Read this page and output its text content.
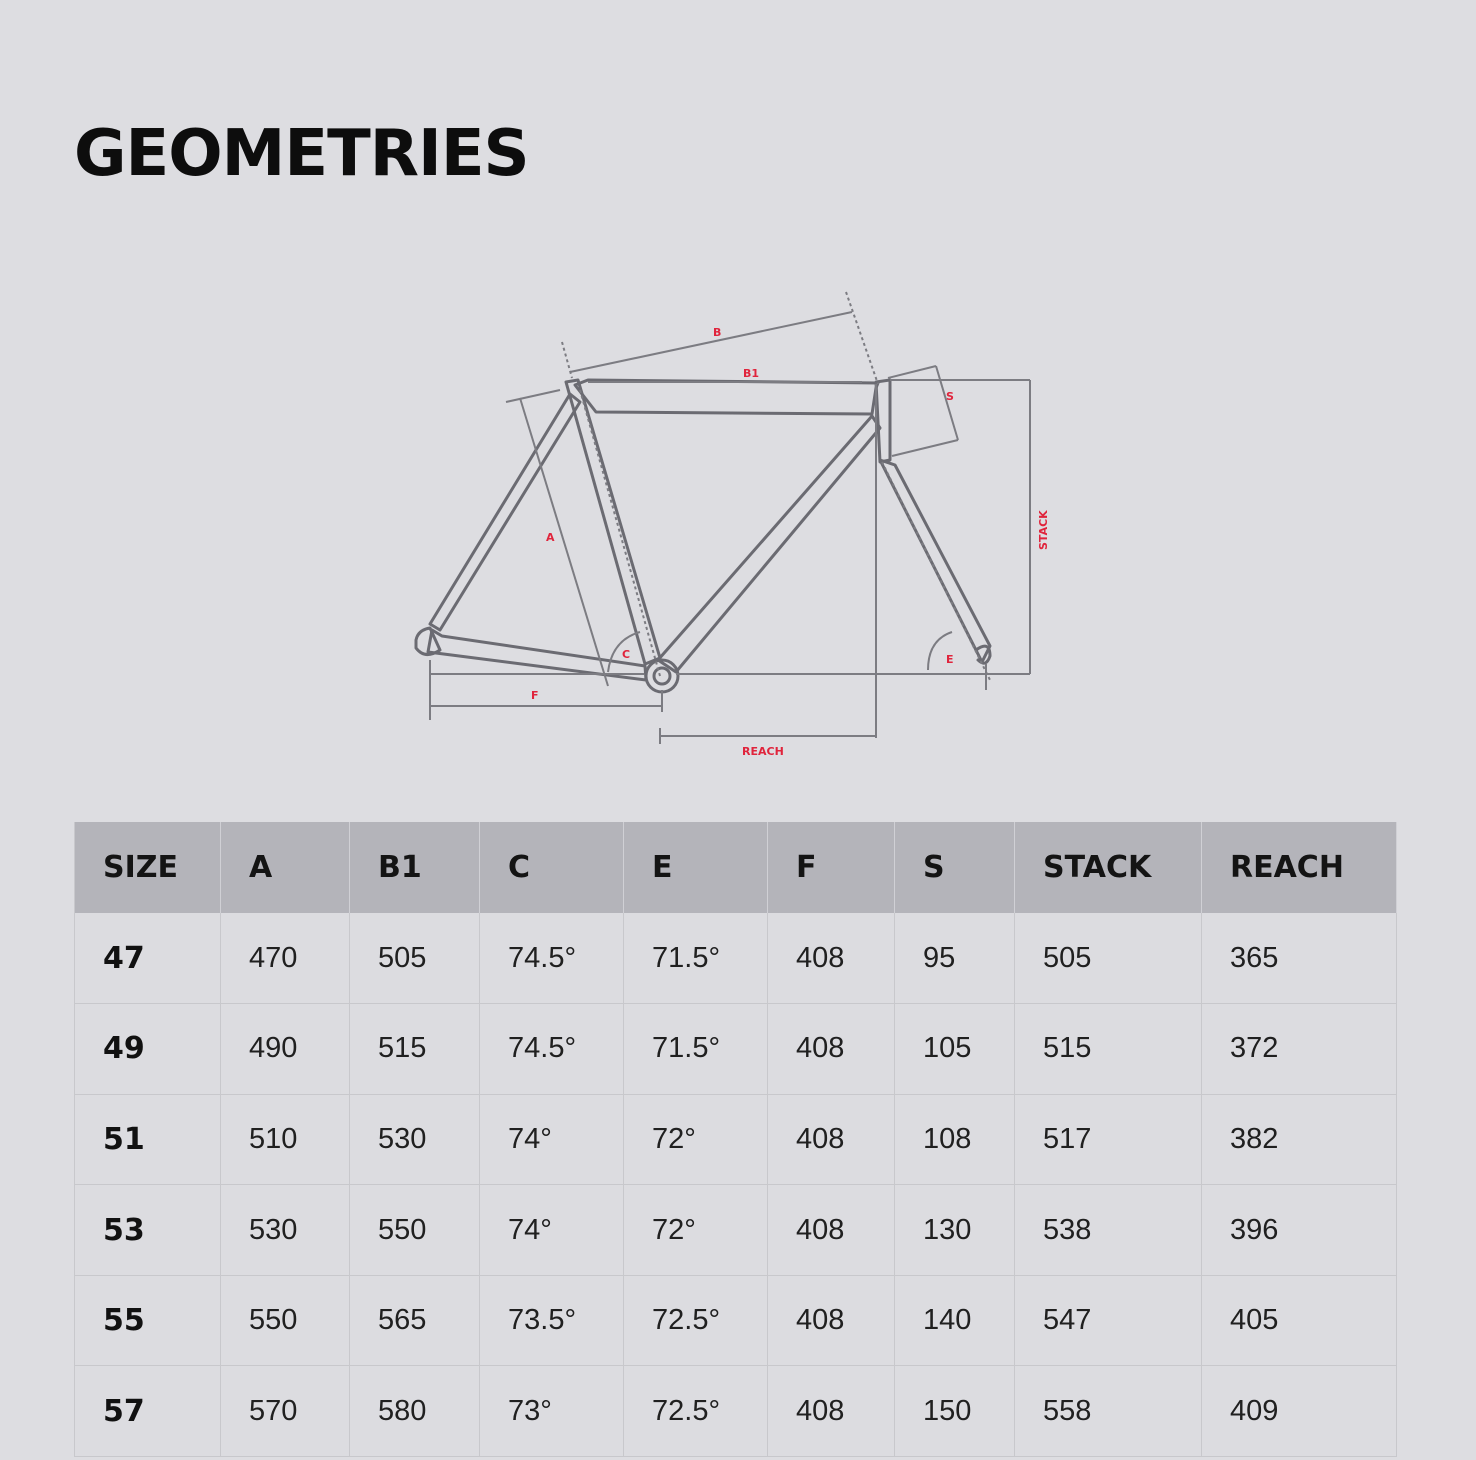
GEOMETRIES
B
B1
S
A	STACK
C	E
F
REACH
SIZE	A	B1	C	E	F	S	STACK	REACH
47	470	505	74.5°	71.5°	408	95	505	365
49	490	515	74.5°	71.5°	408	105	515	372
51	510	530	74°	72°	408	108	517	382
53	530	550	74°	72°	408	130	538	396
55	550	565	73.5°	72.5°	408	140	547	405
57	570	580	73°	72.5°	408	150	558	409
